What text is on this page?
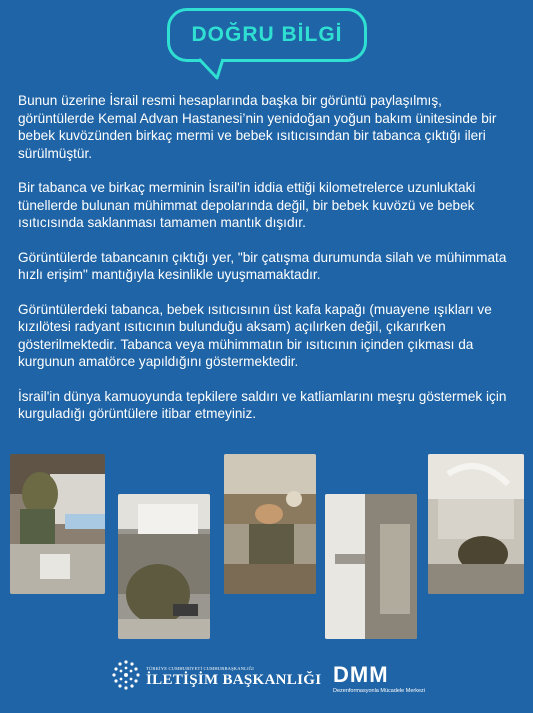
DOĞRU BİLGİ

Bunun üzerine İsrail resmi hesaplarında başka bir görüntü paylaşılmış, görüntülerde Kemal Advan Hastanesi’nin yenidoğan yoğun bakım ünitesinde bir bebek kuvözünden birkaç mermi ve bebek ısıtıcısından bir tabanca çıktığı ileri sürülmüştür.

Bir tabanca ve birkaç merminin İsrail'in iddia ettiği kilometrelerce uzunluktaki tünellerde bulunan mühimmat depolarında değil, bir bebek kuvözü ve bebek ısıtıcısında saklanması tamamen mantık dışıdır.

Görüntülerde tabancanın çıktığı yer, "bir çatışma durumunda silah ve mühimmata hızlı erişim" mantığıyla kesinlikle uyuşmamaktadır.

Görüntülerdeki tabanca, bebek ısıtıcısının üst kafa kapağı (muayene ışıkları ve kızılötesi radyant ısıtıcının bulunduğu aksam) açılırken değil, çıkarırken gösterilmektedir. Tabanca veya mühimmatın bir ısıtıcının içinden çıkması da kurgunun amatörce yapıldığını göstermektedir.

İsrail'in dünya kamuoyunda tepkilere saldırı ve katliamlarını meşru göstermek için kurguladığı görüntülere itibar etmeyiniz.

TÜRKİYE CUMHURİYETİ CUMHURBAŞKANLIĞI
İLETİŞİM BAŞKANLIĞI DMM
Dezenformasyonla Mücadele Merkezi
